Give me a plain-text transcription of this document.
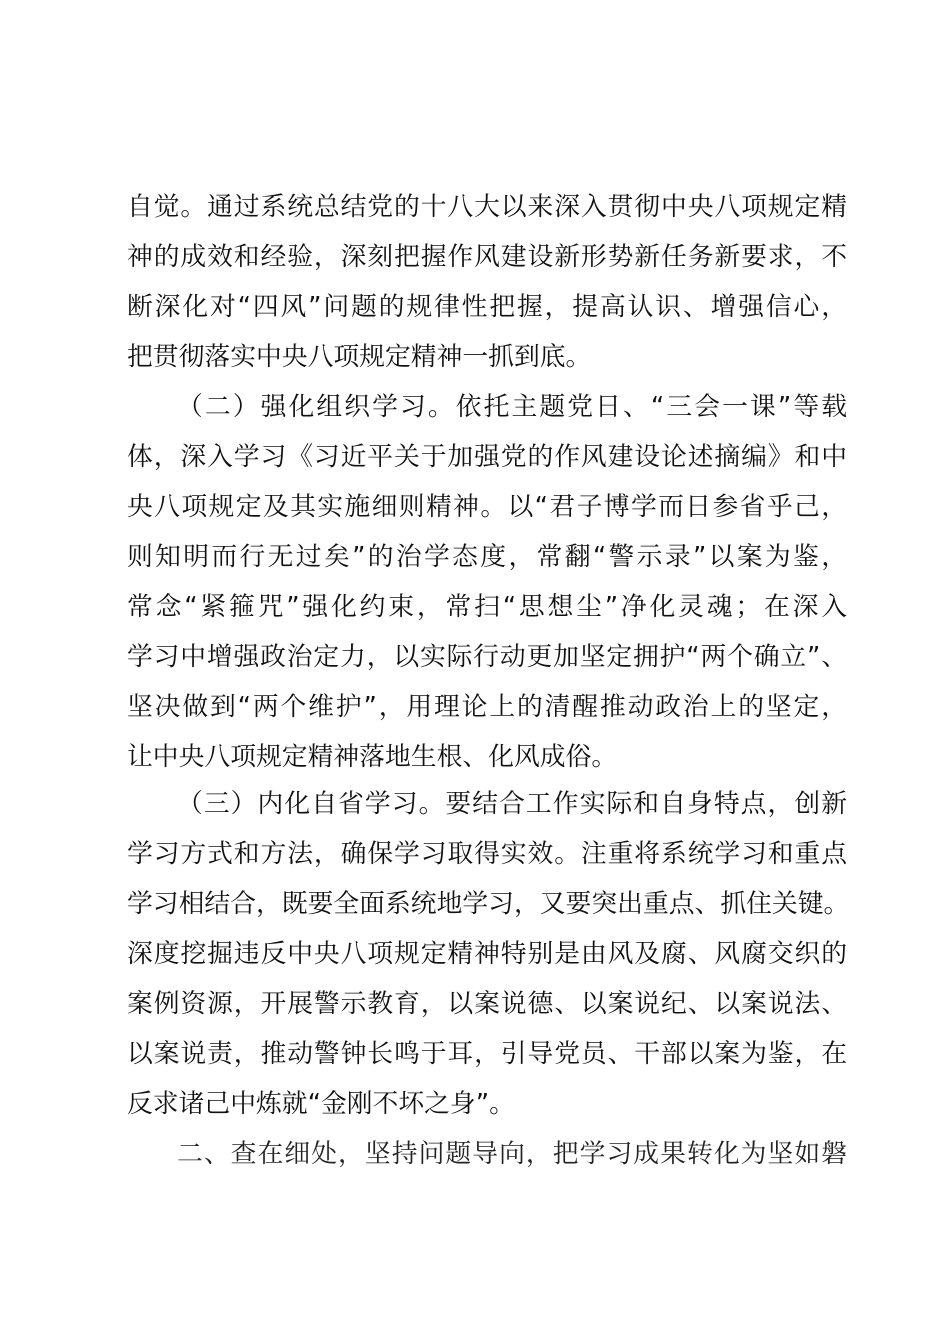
自觉。通过系统总结党的十八大以来深入贯彻中央八项规定精
神的成效和经验，深刻把握作风建设新形势新任务新要求，不
断深化对“四风”问题的规律性把握，提高认识、增强信心，
把贯彻落实中央八项规定精神一抓到底。
（二）强化组织学习。依托主题党日、“三会一课”等载
体，深入学习《习近平关于加强党的作风建设论述摘编》和中
央八项规定及其实施细则精神。以“君子博学而日参省乎己，
则知明而行无过矣”的治学态度，常翻“警示录”以案为鉴，
常念“紧箍咒”强化约束，常扫“思想尘”净化灵魂；在深入
学习中增强政治定力，以实际行动更加坚定拥护“两个确立”、
坚决做到“两个维护”，用理论上的清醒推动政治上的坚定，
让中央八项规定精神落地生根、化风成俗。
（三）内化自省学习。要结合工作实际和自身特点，创新
学习方式和方法，确保学习取得实效。注重将系统学习和重点
学习相结合，既要全面系统地学习，又要突出重点、抓住关键。
深度挖掘违反中央八项规定精神特别是由风及腐、风腐交织的
案例资源，开展警示教育，以案说德、以案说纪、以案说法、
以案说责，推动警钟长鸣于耳，引导党员、干部以案为鉴，在
反求诸己中炼就“金刚不坏之身”。
二、查在细处，坚持问题导向，把学习成果转化为坚如磐
